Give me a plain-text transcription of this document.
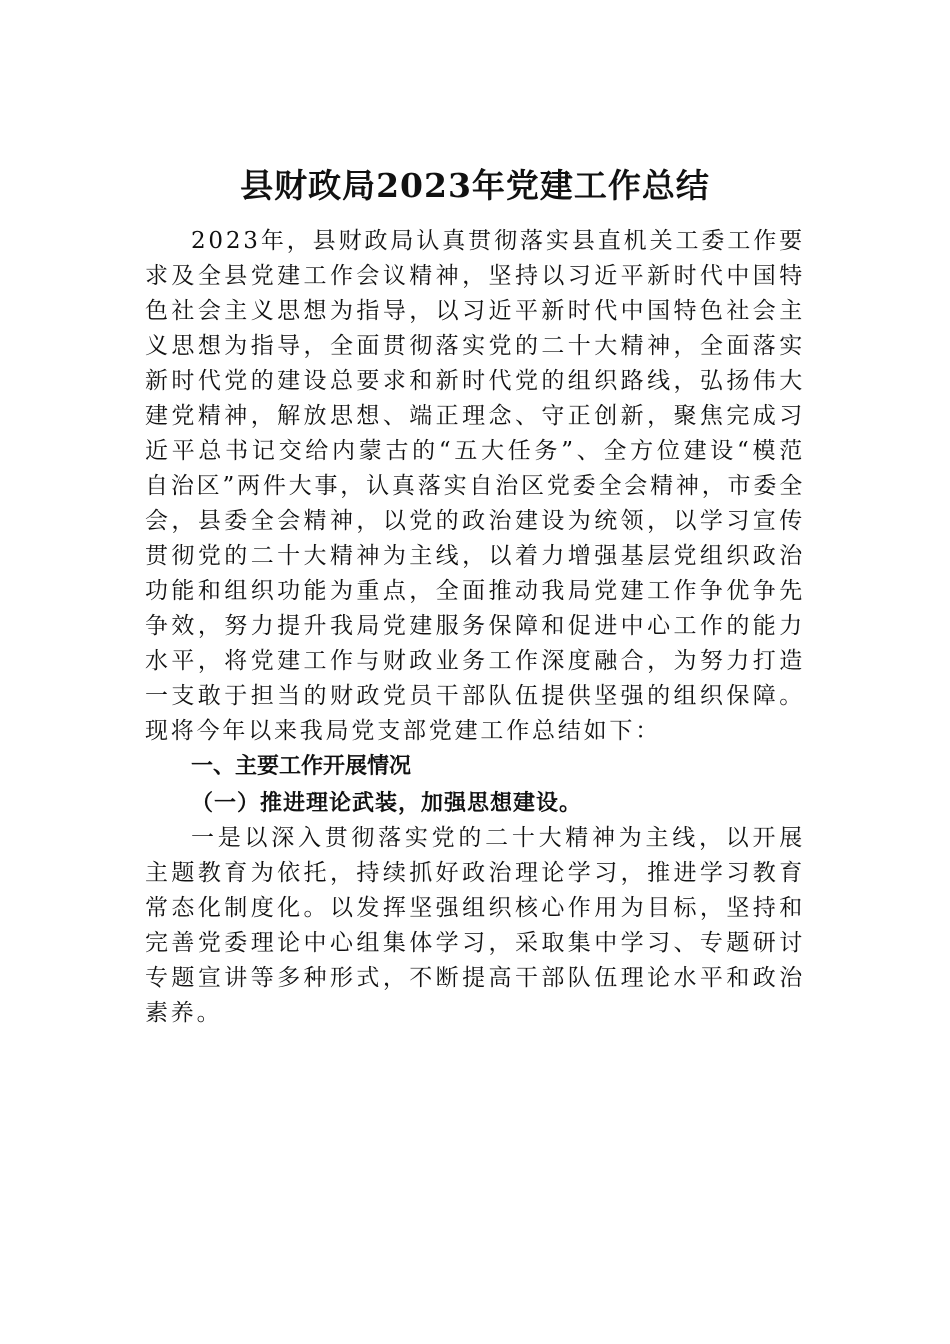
县财政局2023年党建工作总结

2023年，县财政局认真贯彻落实县直机关工委工作要求及全县党建工作会议精神，坚持以习近平新时代中国特色社会主义思想为指导，以习近平新时代中国特色社会主义思想为指导，全面贯彻落实党的二十大精神，全面落实新时代党的建设总要求和新时代党的组织路线，弘扬伟大建党精神，解放思想、端正理念、守正创新，聚焦完成习近平总书记交给内蒙古的“五大任务”、全方位建设“模范自治区”两件大事，认真落实自治区党委全会精神，市委全会，县委全会精神，以党的政治建设为统领，以学习宣传贯彻党的二十大精神为主线，以着力增强基层党组织政治功能和组织功能为重点，全面推动我局党建工作争优争先争效，努力提升我局党建服务保障和促进中心工作的能力水平，将党建工作与财政业务工作深度融合，为努力打造一支敢于担当的财政党员干部队伍提供坚强的组织保障。现将今年以来我局党支部党建工作总结如下：

一、主要工作开展情况

（一）推进理论武装，加强思想建设。

一是以深入贯彻落实党的二十大精神为主线，以开展主题教育为依托，持续抓好政治理论学习，推进学习教育常态化制度化。以发挥坚强组织核心作用为目标，坚持和完善党委理论中心组集体学习，采取集中学习、专题研讨专题宣讲等多种形式，不断提高干部队伍理论水平和政治素养。
